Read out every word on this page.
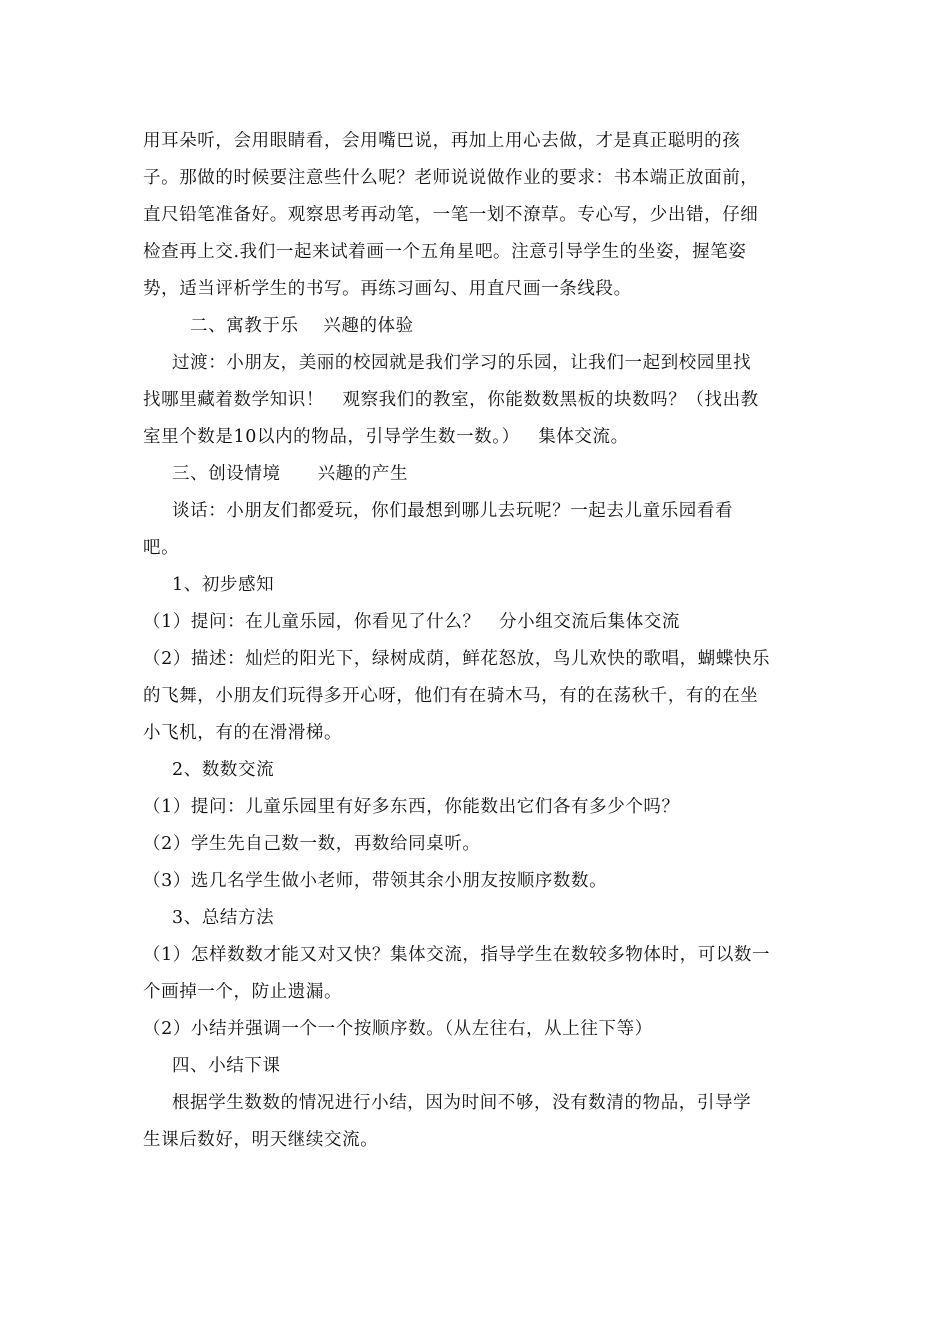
用耳朵听，会用眼睛看，会用嘴巴说，再加上用心去做，才是真正聪明的孩

子。那做的时候要注意些什么呢？老师说说做作业的要求：书本端正放面前，

直尺铅笔准备好。观察思考再动笔，一笔一划不潦草。专心写，少出错，仔细

检查再上交.我们一起来试着画一个五角星吧。注意引导学生的坐姿，握笔姿

势，适当评析学生的书写。再练习画勾、用直尺画一条线段。

二、寓教于乐    兴趣的体验

过渡：小朋友，美丽的校园就是我们学习的乐园，让我们一起到校园里找

找哪里藏着数学知识！   观察我们的教室，你能数数黑板的块数吗？（找出教

室里个数是10以内的物品，引导学生数一数。）   集体交流。

三、创设情境      兴趣的产生

谈话：小朋友们都爱玩，你们最想到哪儿去玩呢？一起去儿童乐园看看

吧。

1、初步感知

（1）提问：在儿童乐园，你看见了什么？   分小组交流后集体交流

（2）描述：灿烂的阳光下，绿树成荫，鲜花怒放，鸟儿欢快的歌唱，蝴蝶快乐

的飞舞，小朋友们玩得多开心呀，他们有在骑木马，有的在荡秋千，有的在坐

小飞机，有的在滑滑梯。

2、数数交流

（1）提问：儿童乐园里有好多东西，你能数出它们各有多少个吗？

（2）学生先自己数一数，再数给同桌听。

（3）选几名学生做小老师，带领其余小朋友按顺序数数。

3、总结方法

（1）怎样数数才能又对又快？集体交流，指导学生在数较多物体时，可以数一

个画掉一个，防止遗漏。

（2）小结并强调一个一个按顺序数。（从左往右，从上往下等）

四、小结下课

根据学生数数的情况进行小结，因为时间不够，没有数清的物品，引导学

生课后数好，明天继续交流。
